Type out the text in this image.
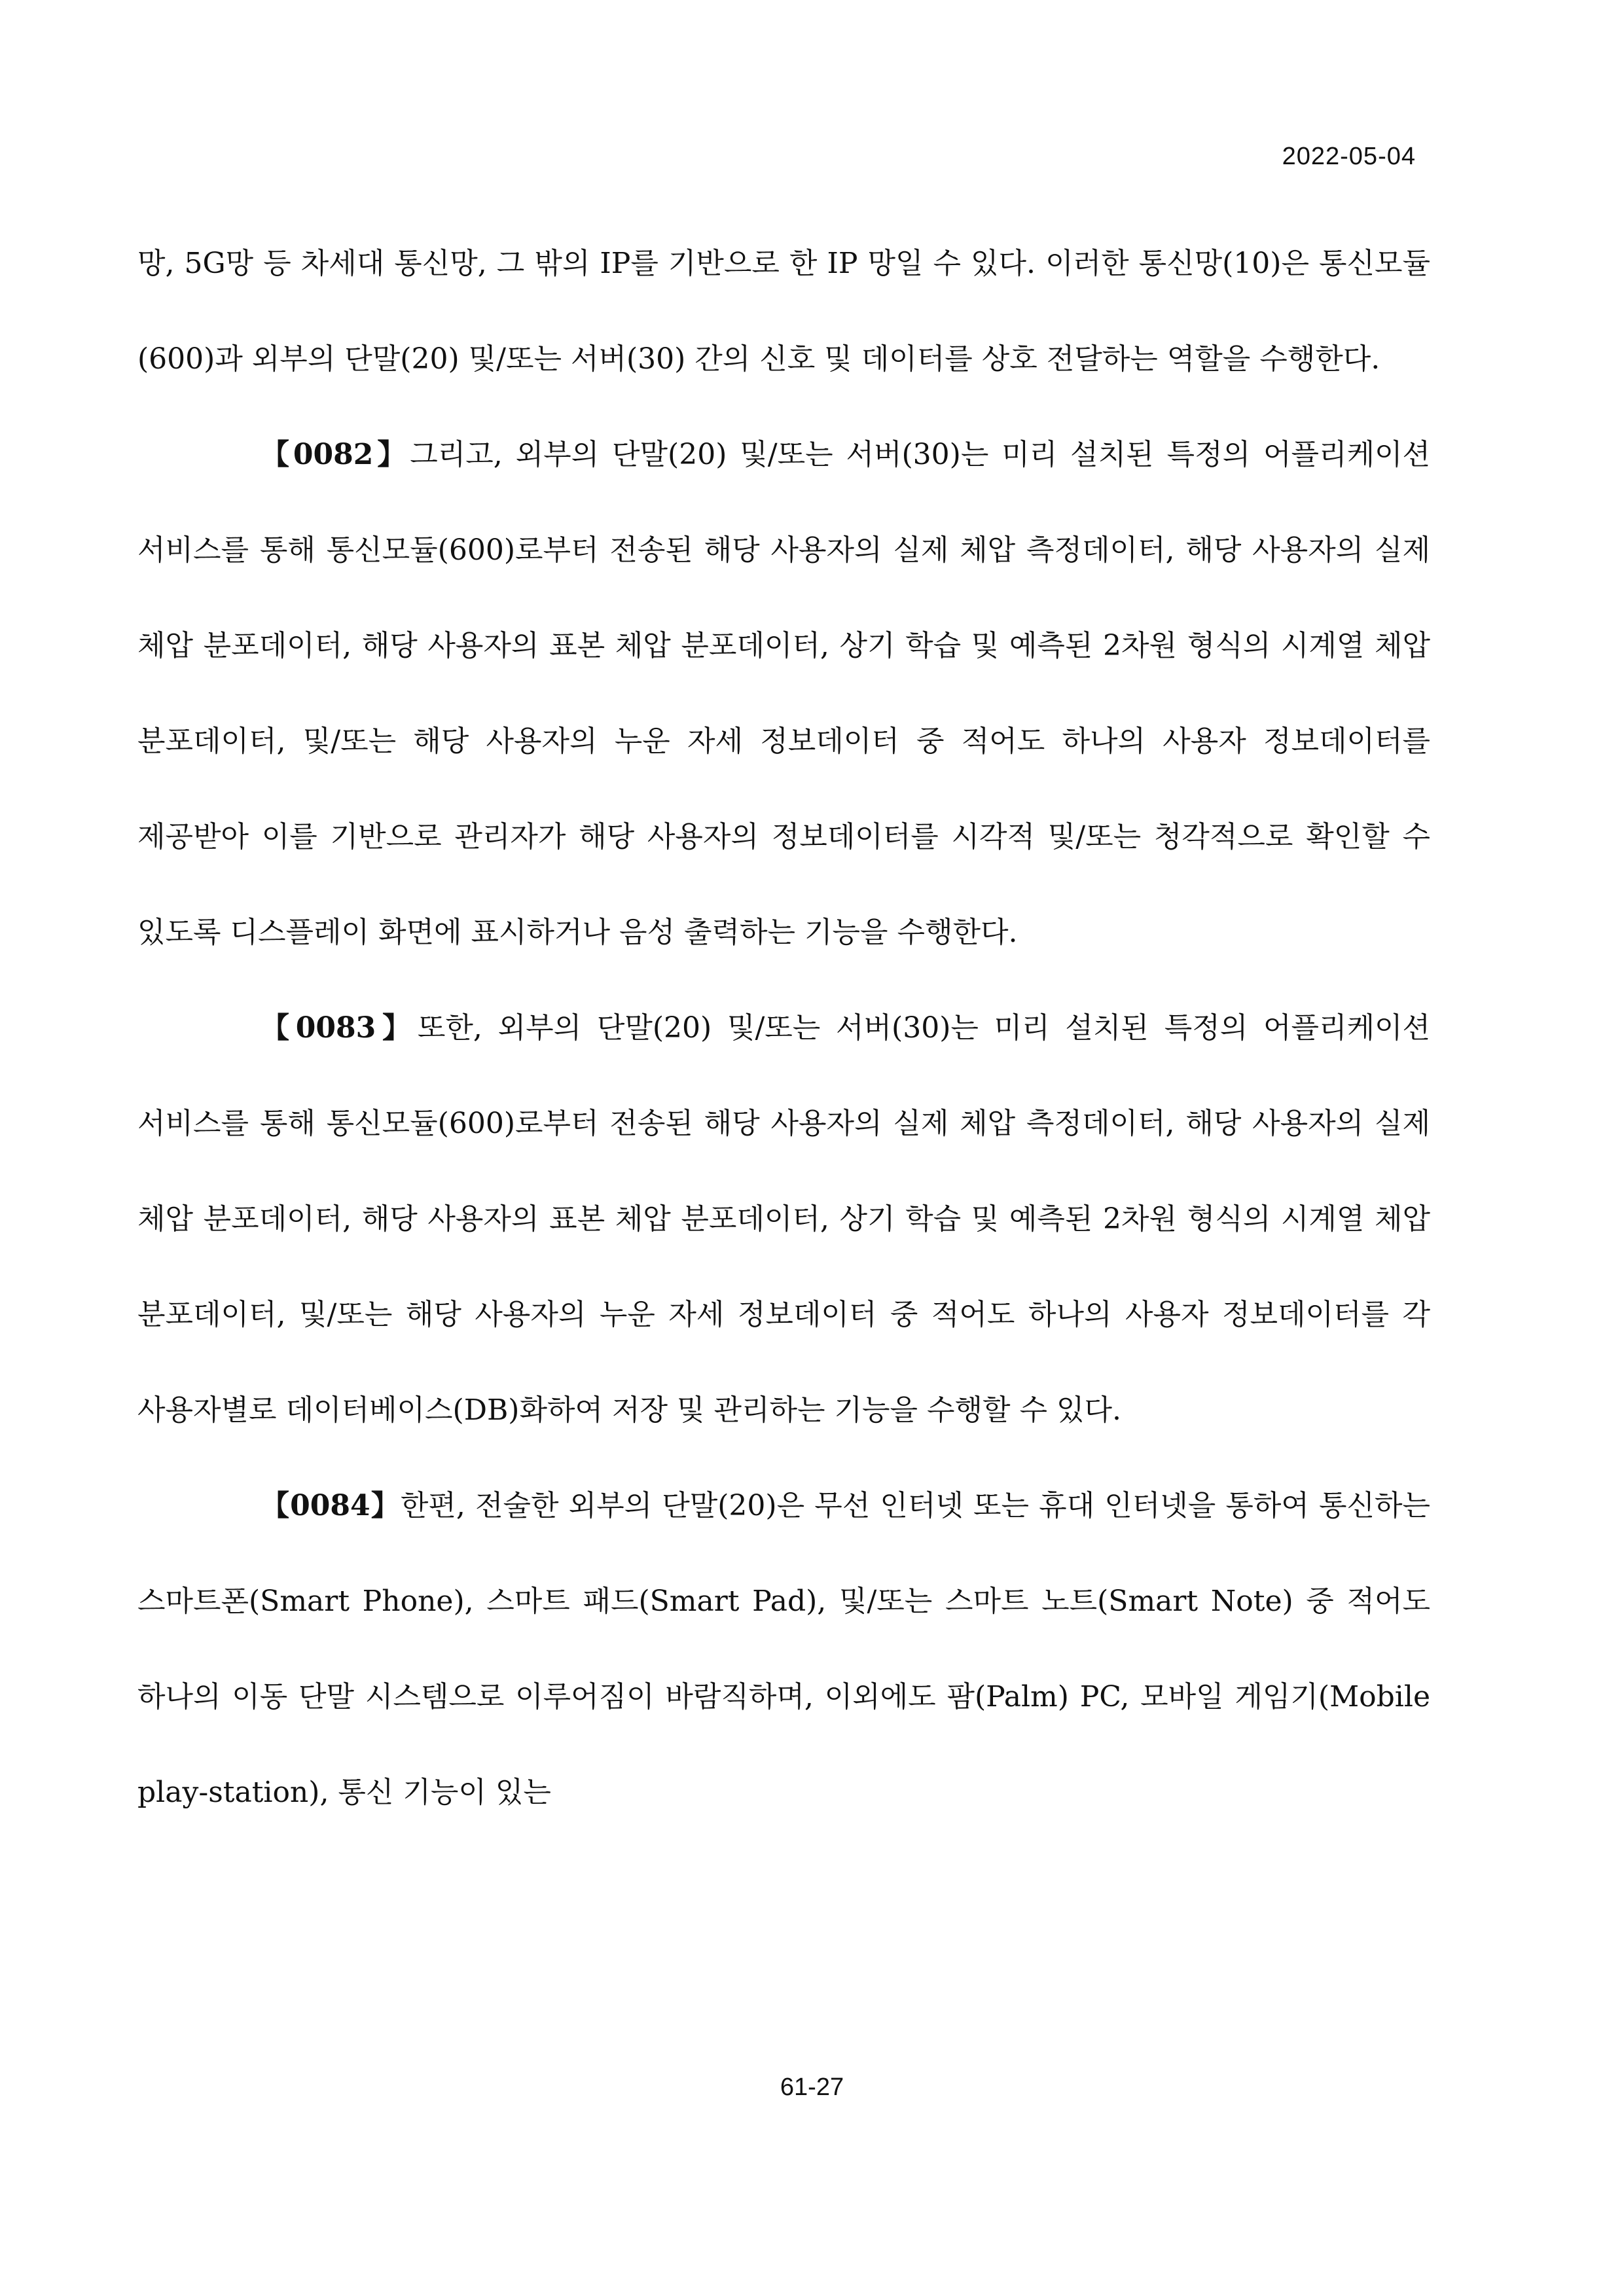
2022-05-04

망, 5G망 등 차세대 통신망, 그 밖의 IP를 기반으로 한 IP 망일 수 있다. 이러한 통신망(10)은 통신모듈(600)과 외부의 단말(20) 및/또는 서버(30) 간의 신호 및 데이터를 상호 전달하는 역할을 수행한다.

【0082】그리고, 외부의 단말(20) 및/또는 서버(30)는 미리 설치된 특정의 어플리케이션 서비스를 통해 통신모듈(600)로부터 전송된 해당 사용자의 실제 체압 측정데이터, 해당 사용자의 실제 체압 분포데이터, 해당 사용자의 표본 체압 분포데이터, 상기 학습 및 예측된 2차원 형식의 시계열 체압 분포데이터, 및/또는 해당 사용자의 누운 자세 정보데이터 중 적어도 하나의 사용자 정보데이터를 제공받아 이를 기반으로 관리자가 해당 사용자의 정보데이터를 시각적 및/또는 청각적으로 확인할 수 있도록 디스플레이 화면에 표시하거나 음성 출력하는 기능을 수행한다.

【0083】또한, 외부의 단말(20) 및/또는 서버(30)는 미리 설치된 특정의 어플리케이션 서비스를 통해 통신모듈(600)로부터 전송된 해당 사용자의 실제 체압 측정데이터, 해당 사용자의 실제 체압 분포데이터, 해당 사용자의 표본 체압 분포데이터, 상기 학습 및 예측된 2차원 형식의 시계열 체압 분포데이터, 및/또는 해당 사용자의 누운 자세 정보데이터 중 적어도 하나의 사용자 정보데이터를 각 사용자별로 데이터베이스(DB)화하여 저장 및 관리하는 기능을 수행할 수 있다.

【0084】한편, 전술한 외부의 단말(20)은 무선 인터넷 또는 휴대 인터넷을 통하여 통신하는 스마트폰(Smart Phone), 스마트 패드(Smart Pad), 및/또는 스마트 노트(Smart Note) 중 적어도 하나의 이동 단말 시스템으로 이루어짐이 바람직하며, 이외에도 팜(Palm) PC, 모바일 게임기(Mobile play-station), 통신 기능이 있는

61-27
